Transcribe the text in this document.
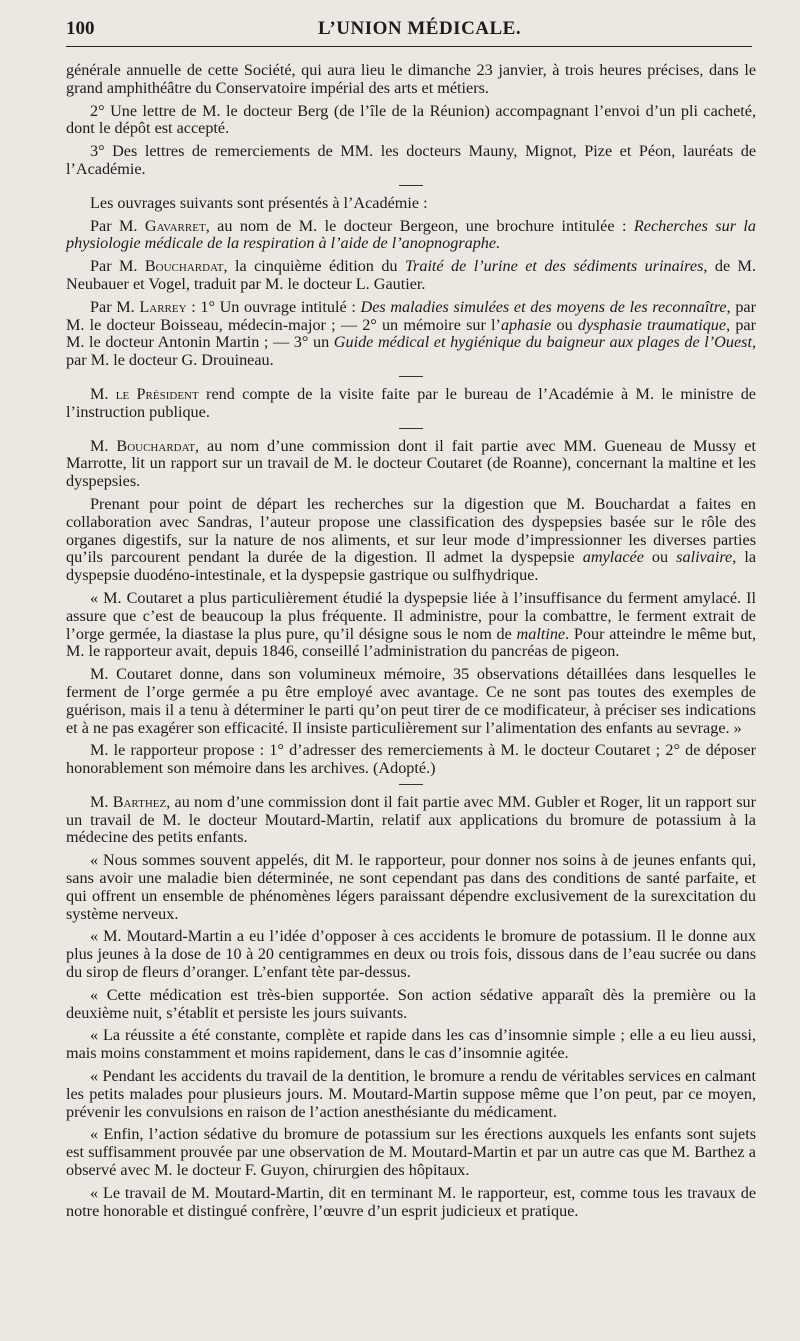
100	L’UNION MÉDICALE.

générale annuelle de cette Société, qui aura lieu le dimanche 23 janvier, à trois heures précises, dans le grand amphithéâtre du Conservatoire impérial des arts et métiers.

2° Une lettre de M. le docteur Berg (de l’île de la Réunion) accompagnant l’envoi d’un pli cacheté, dont le dépôt est accepté.

3° Des lettres de remerciements de MM. les docteurs Mauny, Mignot, Pize et Péon, lauréats de l’Académie.

Les ouvrages suivants sont présentés à l’Académie :

Par M. Gavarret, au nom de M. le docteur Bergeon, une brochure intitulée : Recherches sur la physiologie médicale de la respiration à l’aide de l’anopnographe.

Par M. Bouchardat, la cinquième édition du Traité de l’urine et des sédiments urinaires, de M. Neubauer et Vogel, traduit par M. le docteur L. Gautier.

Par M. Larrey : 1° Un ouvrage intitulé : Des maladies simulées et des moyens de les reconnaître, par M. le docteur Boisseau, médecin-major ; — 2° un mémoire sur l’aphasie ou dysphasie traumatique, par M. le docteur Antonin Martin ; — 3° un Guide médical et hygiénique du baigneur aux plages de l’Ouest, par M. le docteur G. Drouineau.

M. le Président rend compte de la visite faite par le bureau de l’Académie à M. le ministre de l’instruction publique.

M. Bouchardat, au nom d’une commission dont il fait partie avec MM. Gueneau de Mussy et Marrotte, lit un rapport sur un travail de M. le docteur Coutaret (de Roanne), concernant la maltine et les dyspepsies.

Prenant pour point de départ les recherches sur la digestion que M. Bouchardat a faites en collaboration avec Sandras, l’auteur propose une classification des dyspepsies basée sur le rôle des organes digestifs, sur la nature de nos aliments, et sur leur mode d’impressionner les diverses parties qu’ils parcourent pendant la durée de la digestion. Il admet la dyspepsie amylacée ou salivaire, la dyspepsie duodéno-intestinale, et la dyspepsie gastrique ou sulfhydrique.

« M. Coutaret a plus particulièrement étudié la dyspepsie liée à l’insuffisance du ferment amylacé. Il assure que c’est de beaucoup la plus fréquente. Il administre, pour la combattre, le ferment extrait de l’orge germée, la diastase la plus pure, qu’il désigne sous le nom de maltine. Pour atteindre le même but, M. le rapporteur avait, depuis 1846, conseillé l’administration du pancréas de pigeon.

M. Coutaret donne, dans son volumineux mémoire, 35 observations détaillées dans lesquelles le ferment de l’orge germée a pu être employé avec avantage. Ce ne sont pas toutes des exemples de guérison, mais il a tenu à déterminer le parti qu’on peut tirer de ce modificateur, à préciser ses indications et à ne pas exagérer son efficacité. Il insiste particulièrement sur l’alimentation des enfants au sevrage. »

M. le rapporteur propose : 1° d’adresser des remerciements à M. le docteur Coutaret ; 2° de déposer honorablement son mémoire dans les archives. (Adopté.)

M. Barthez, au nom d’une commission dont il fait partie avec MM. Gubler et Roger, lit un rapport sur un travail de M. le docteur Moutard-Martin, relatif aux applications du bromure de potassium à la médecine des petits enfants.

« Nous sommes souvent appelés, dit M. le rapporteur, pour donner nos soins à de jeunes enfants qui, sans avoir une maladie bien déterminée, ne sont cependant pas dans des conditions de santé parfaite, et qui offrent un ensemble de phénomènes légers paraissant dépendre exclusivement de la surexcitation du système nerveux.

« M. Moutard-Martin a eu l’idée d’opposer à ces accidents le bromure de potassium. Il le donne aux plus jeunes à la dose de 10 à 20 centigrammes en deux ou trois fois, dissous dans de l’eau sucrée ou dans du sirop de fleurs d’oranger. L’enfant tète par-dessus.

« Cette médication est très-bien supportée. Son action sédative apparaît dès la première ou la deuxième nuit, s’établit et persiste les jours suivants.

« La réussite a été constante, complète et rapide dans les cas d’insomnie simple ; elle a eu lieu aussi, mais moins constamment et moins rapidement, dans le cas d’insomnie agitée.

« Pendant les accidents du travail de la dentition, le bromure a rendu de véritables services en calmant les petits malades pour plusieurs jours. M. Moutard-Martin suppose même que l’on peut, par ce moyen, prévenir les convulsions en raison de l’action anesthésiante du médicament.

« Enfin, l’action sédative du bromure de potassium sur les érections auxquels les enfants sont sujets est suffisamment prouvée par une observation de M. Moutard-Martin et par un autre cas que M. Barthez a observé avec M. le docteur F. Guyon, chirurgien des hôpitaux.

« Le travail de M. Moutard-Martin, dit en terminant M. le rapporteur, est, comme tous les travaux de notre honorable et distingué confrère, l’œuvre d’un esprit judicieux et pratique.
